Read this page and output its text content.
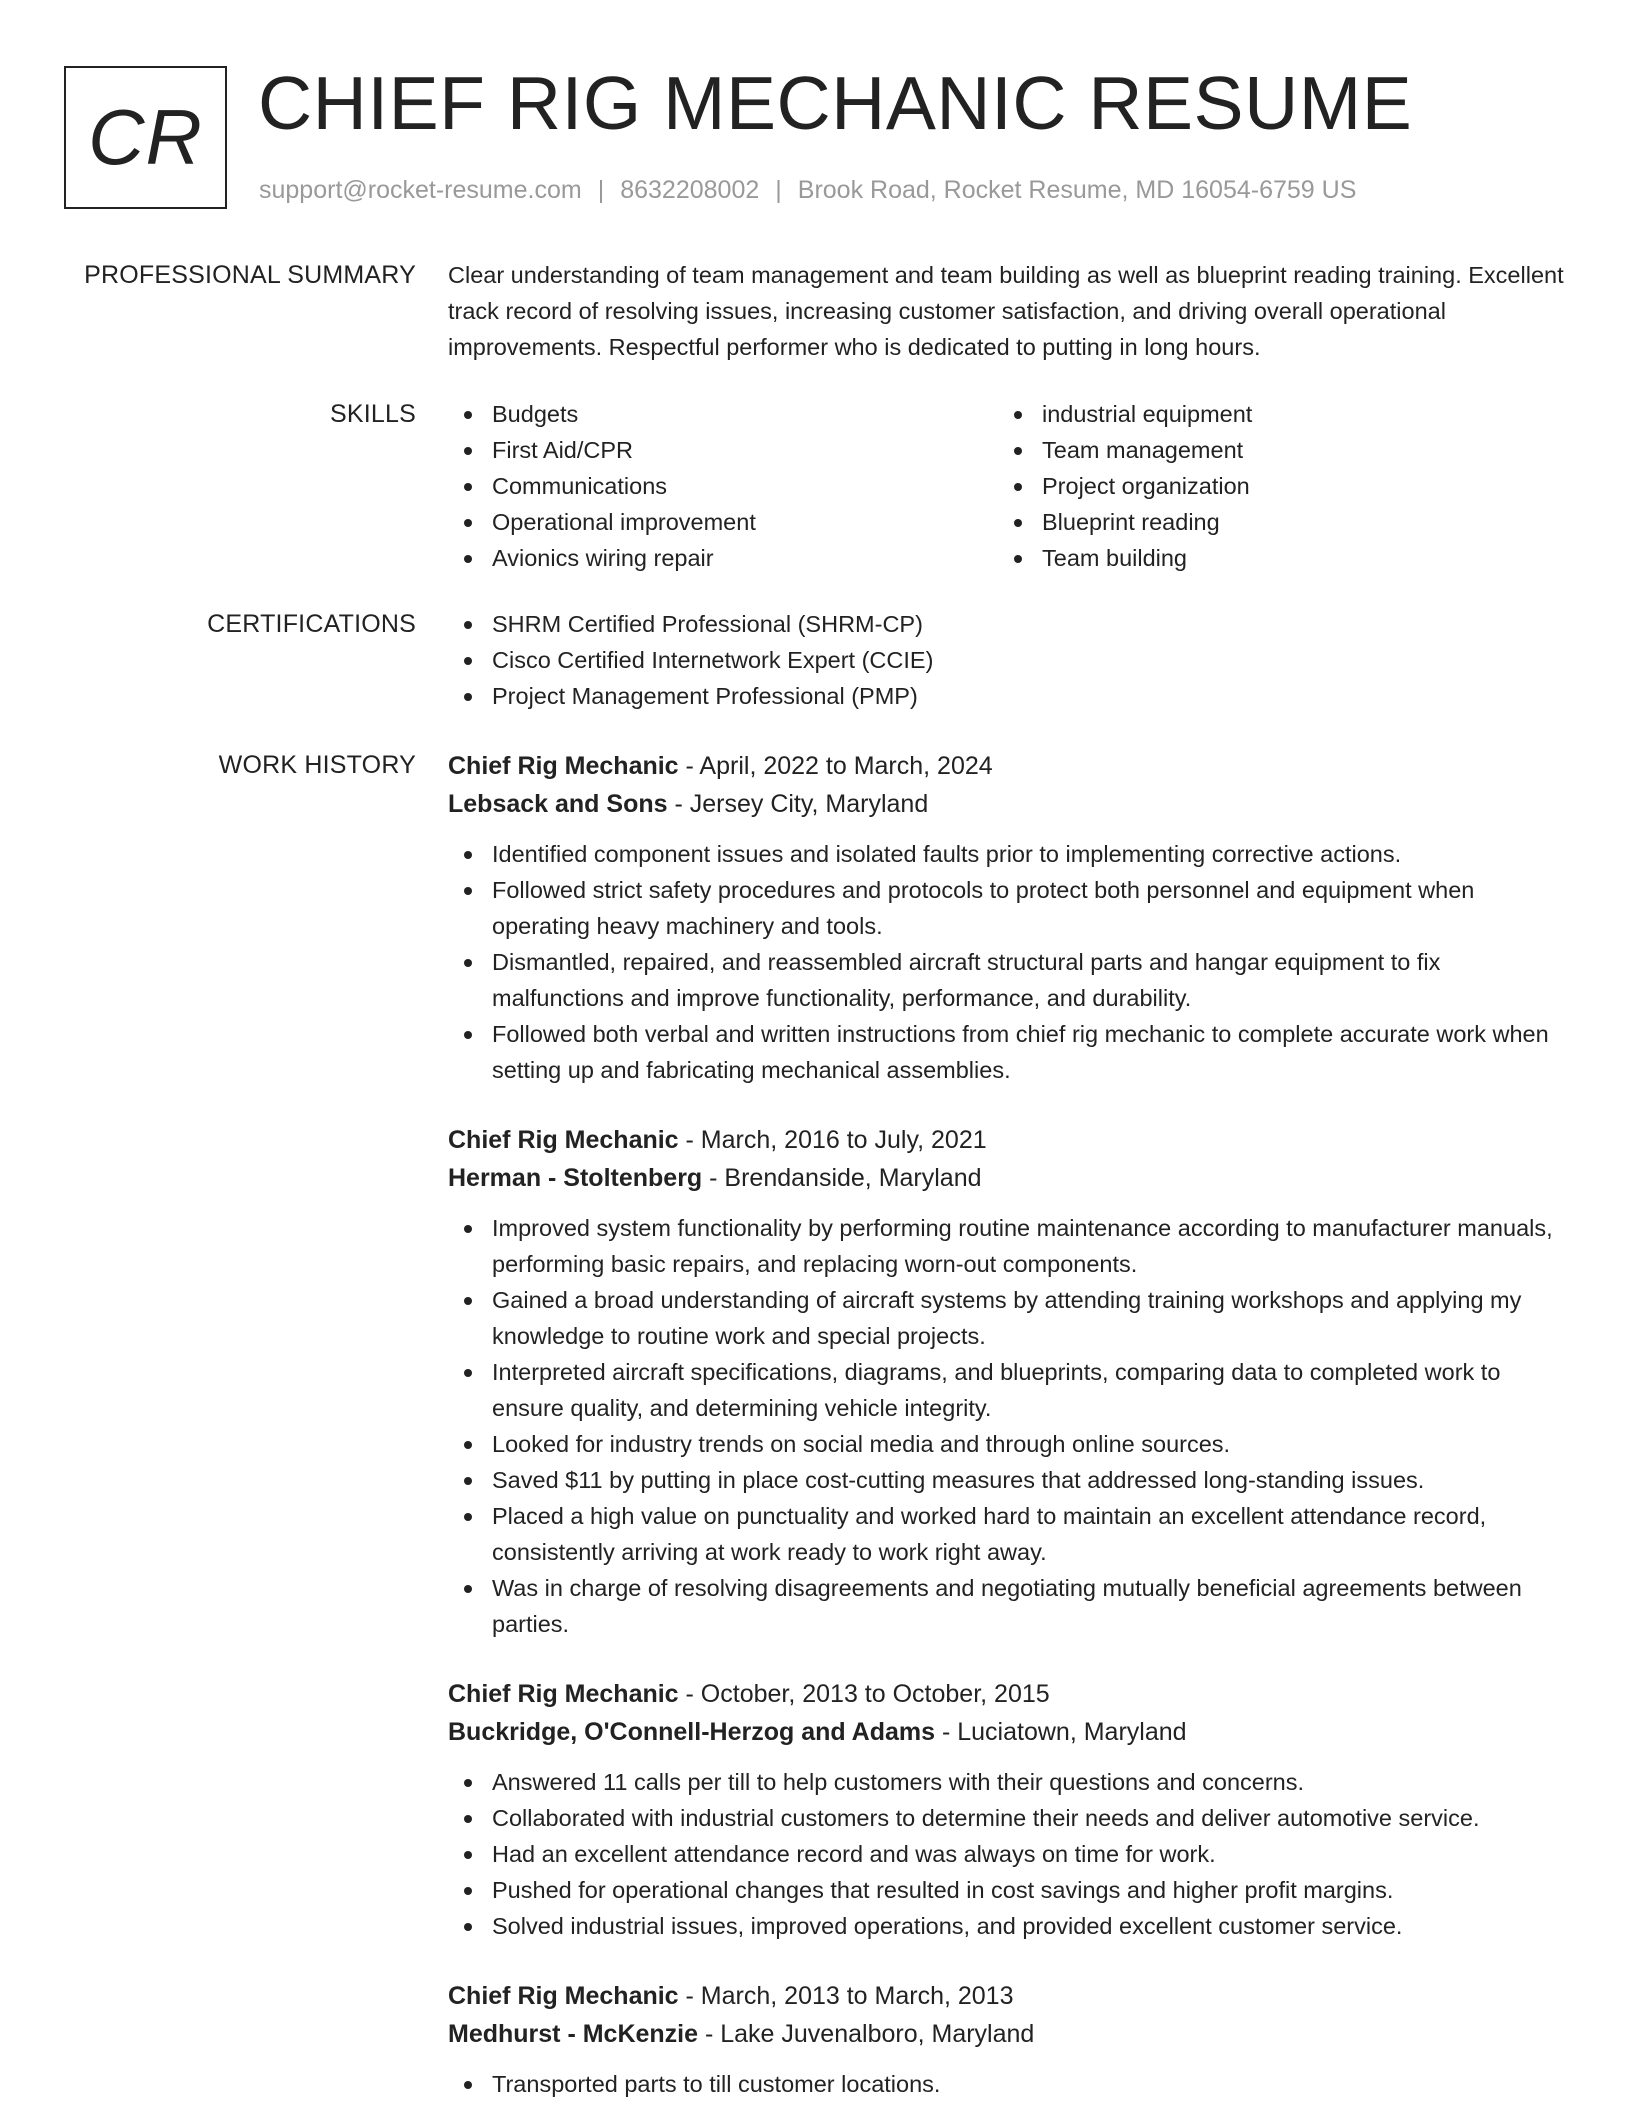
CR CHIEF RIG MECHANIC RESUME
support@rocket-resume.com | 8632208002 | Brook Road, Rocket Resume, MD 16054-6759 US
PROFESSIONAL SUMMARY Clear understanding of team management and team building as well as blueprint reading training. Excellent track record of resolving issues, increasing customer satisfaction, and driving overall operational improvements. Respectful performer who is dedicated to putting in long hours.
SKILLS	Budgets
First Aid/CPR
Communications
Operational improvement
Avionics wiring repair
industrial equipment
Team management
Project organization
Blueprint reading
Team building
CERTIFICATIONS	SHRM Certified Professional (SHRM-CP)
Cisco Certified Internetwork Expert (CCIE)
Project Management Professional (PMP)
WORK HISTORY Chief Rig Mechanic - April, 2022 to March, 2024
Lebsack and Sons - Jersey City, Maryland
Identified component issues and isolated faults prior to implementing corrective actions.
Followed strict safety procedures and protocols to protect both personnel and equipment when operating heavy machinery and tools.
Dismantled, repaired, and reassembled aircraft structural parts and hangar equipment to fix malfunctions and improve functionality, performance, and durability.
Followed both verbal and written instructions from chief rig mechanic to complete accurate work when setting up and fabricating mechanical assemblies.
Chief Rig Mechanic - March, 2016 to July, 2021
Herman - Stoltenberg - Brendanside, Maryland
Improved system functionality by performing routine maintenance according to manufacturer manuals, performing basic repairs, and replacing worn-out components.
Gained a broad understanding of aircraft systems by attending training workshops and applying my knowledge to routine work and special projects.
Interpreted aircraft specifications, diagrams, and blueprints, comparing data to completed work to ensure quality, and determining vehicle integrity.
Looked for industry trends on social media and through online sources.
Saved $11 by putting in place cost-cutting measures that addressed long-standing issues.
Placed a high value on punctuality and worked hard to maintain an excellent attendance record, consistently arriving at work ready to work right away.
Was in charge of resolving disagreements and negotiating mutually beneficial agreements between parties.
Chief Rig Mechanic - October, 2013 to October, 2015
Buckridge, O'Connell-Herzog and Adams - Luciatown, Maryland
Answered 11 calls per till to help customers with their questions and concerns.
Collaborated with industrial customers to determine their needs and deliver automotive service.
Had an excellent attendance record and was always on time for work.
Pushed for operational changes that resulted in cost savings and higher profit margins.
Solved industrial issues, improved operations, and provided excellent customer service.
Chief Rig Mechanic - March, 2013 to March, 2013
Medhurst - McKenzie - Lake Juvenalboro, Maryland
Transported parts to till customer locations.
